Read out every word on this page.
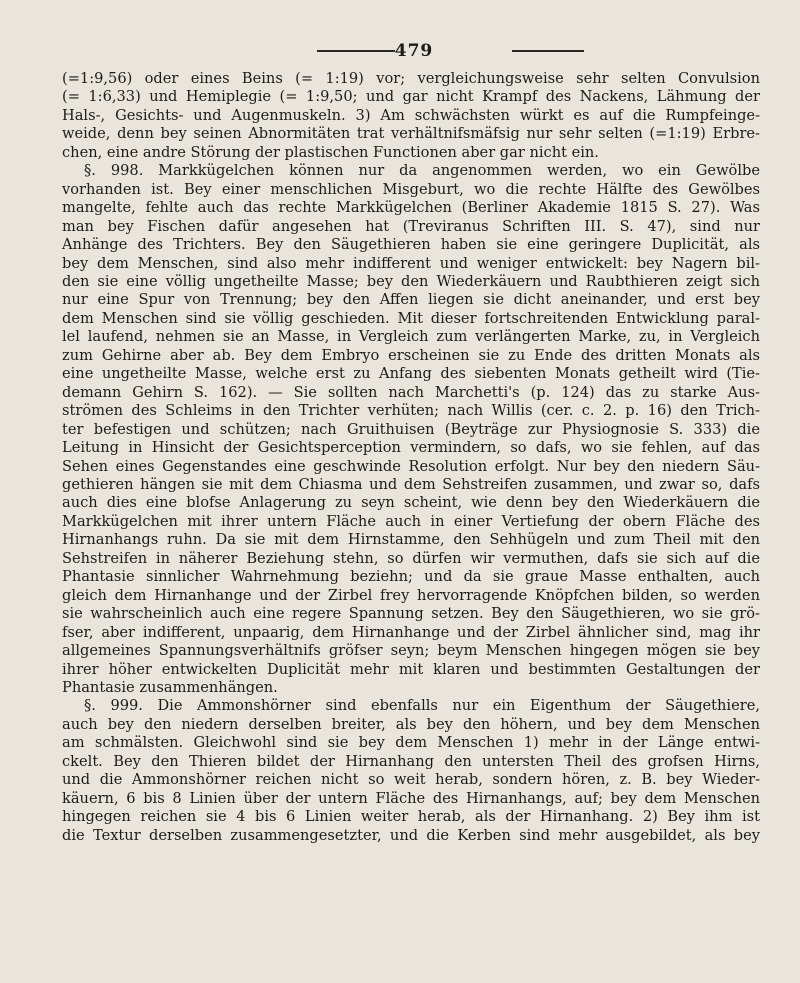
479
(=1:9,56) oder eines Beins (= 1:19) vor; vergleichungsweise sehr selten Convulsion
(= 1:6,33) und Hemiplegie (= 1:9,50; und gar nicht Krampf des Nackens, Lähmung der
Hals-, Gesichts- und Augenmuskeln. 3) Am schwächsten würkt es auf die Rumpfeinge-
weide, denn bey seinen Abnormitäten trat verhältnifsmäfsig nur sehr selten (=1:19) Erbre-
chen, eine andre Störung der plastischen Functionen aber gar nicht ein.
§. 998. Markkügelchen können nur da angenommen werden, wo ein Gewölbe
vorhanden ist. Bey einer menschlichen Misgeburt, wo die rechte Hälfte des Gewölbes
mangelte, fehlte auch das rechte Markkügelchen (Berliner Akademie 1815 S. 27). Was
man bey Fischen dafür angesehen hat (Treviranus Schriften III. S. 47), sind nur
Anhänge des Trichters. Bey den Säugethieren haben sie eine geringere Duplicität, als
bey dem Menschen, sind also mehr indifferent und weniger entwickelt: bey Nagern bil-
den sie eine völlig ungetheilte Masse; bey den Wiederkäuern und Raubthieren zeigt sich
nur eine Spur von Trennung; bey den Affen liegen sie dicht aneinander, und erst bey
dem Menschen sind sie völlig geschieden. Mit dieser fortschreitenden Entwicklung paral-
lel laufend, nehmen sie an Masse, in Vergleich zum verlängerten Marke, zu, in Vergleich
zum Gehirne aber ab. Bey dem Embryo erscheinen sie zu Ende des dritten Monats als
eine ungetheilte Masse, welche erst zu Anfang des siebenten Monats getheilt wird (Tie-
demann Gehirn S. 162). — Sie sollten nach Marchetti's (p. 124) das zu starke Aus-
strömen des Schleims in den Trichter verhüten; nach Willis (cer. c. 2. p. 16) den Trich-
ter befestigen und schützen; nach Gruithuisen (Beyträge zur Physiognosie S. 333) die
Leitung in Hinsicht der Gesichtsperception vermindern, so dafs, wo sie fehlen, auf das
Sehen eines Gegenstandes eine geschwinde Resolution erfolgt. Nur bey den niedern Säu-
gethieren hängen sie mit dem Chiasma und dem Sehstreifen zusammen, und zwar so, dafs
auch dies eine blofse Anlagerung zu seyn scheint, wie denn bey den Wiederkäuern die
Markkügelchen mit ihrer untern Fläche auch in einer Vertiefung der obern Fläche des
Hirnanhangs ruhn. Da sie mit dem Hirnstamme, den Sehhügeln und zum Theil mit den
Sehstreifen in näherer Beziehung stehn, so dürfen wir vermuthen, dafs sie sich auf die
Phantasie sinnlicher Wahrnehmung beziehn; und da sie graue Masse enthalten, auch
gleich dem Hirnanhange und der Zirbel frey hervorragende Knöpfchen bilden, so werden
sie wahrscheinlich auch eine regere Spannung setzen. Bey den Säugethieren, wo sie grö-
fser, aber indifferent, unpaarig, dem Hirnanhange und der Zirbel ähnlicher sind, mag ihr
allgemeines Spannungsverhältnifs gröfser seyn; beym Menschen hingegen mögen sie bey
ihrer höher entwickelten Duplicität mehr mit klaren und bestimmten Gestaltungen der
Phantasie zusammenhängen.
§. 999. Die Ammonshörner sind ebenfalls nur ein Eigenthum der Säugethiere,
auch bey den niedern derselben breiter, als bey den höhern, und bey dem Menschen
am schmälsten. Gleichwohl sind sie bey dem Menschen 1) mehr in der Länge entwi-
ckelt. Bey den Thieren bildet der Hirnanhang den untersten Theil des grofsen Hirns,
und die Ammonshörner reichen nicht so weit herab, sondern hören, z. B. bey Wieder-
käuern, 6 bis 8 Linien über der untern Fläche des Hirnanhangs, auf; bey dem Menschen
hingegen reichen sie 4 bis 6 Linien weiter herab, als der Hirnanhang. 2) Bey ihm ist
die Textur derselben zusammengesetzter, und die Kerben sind mehr ausgebildet, als bey
